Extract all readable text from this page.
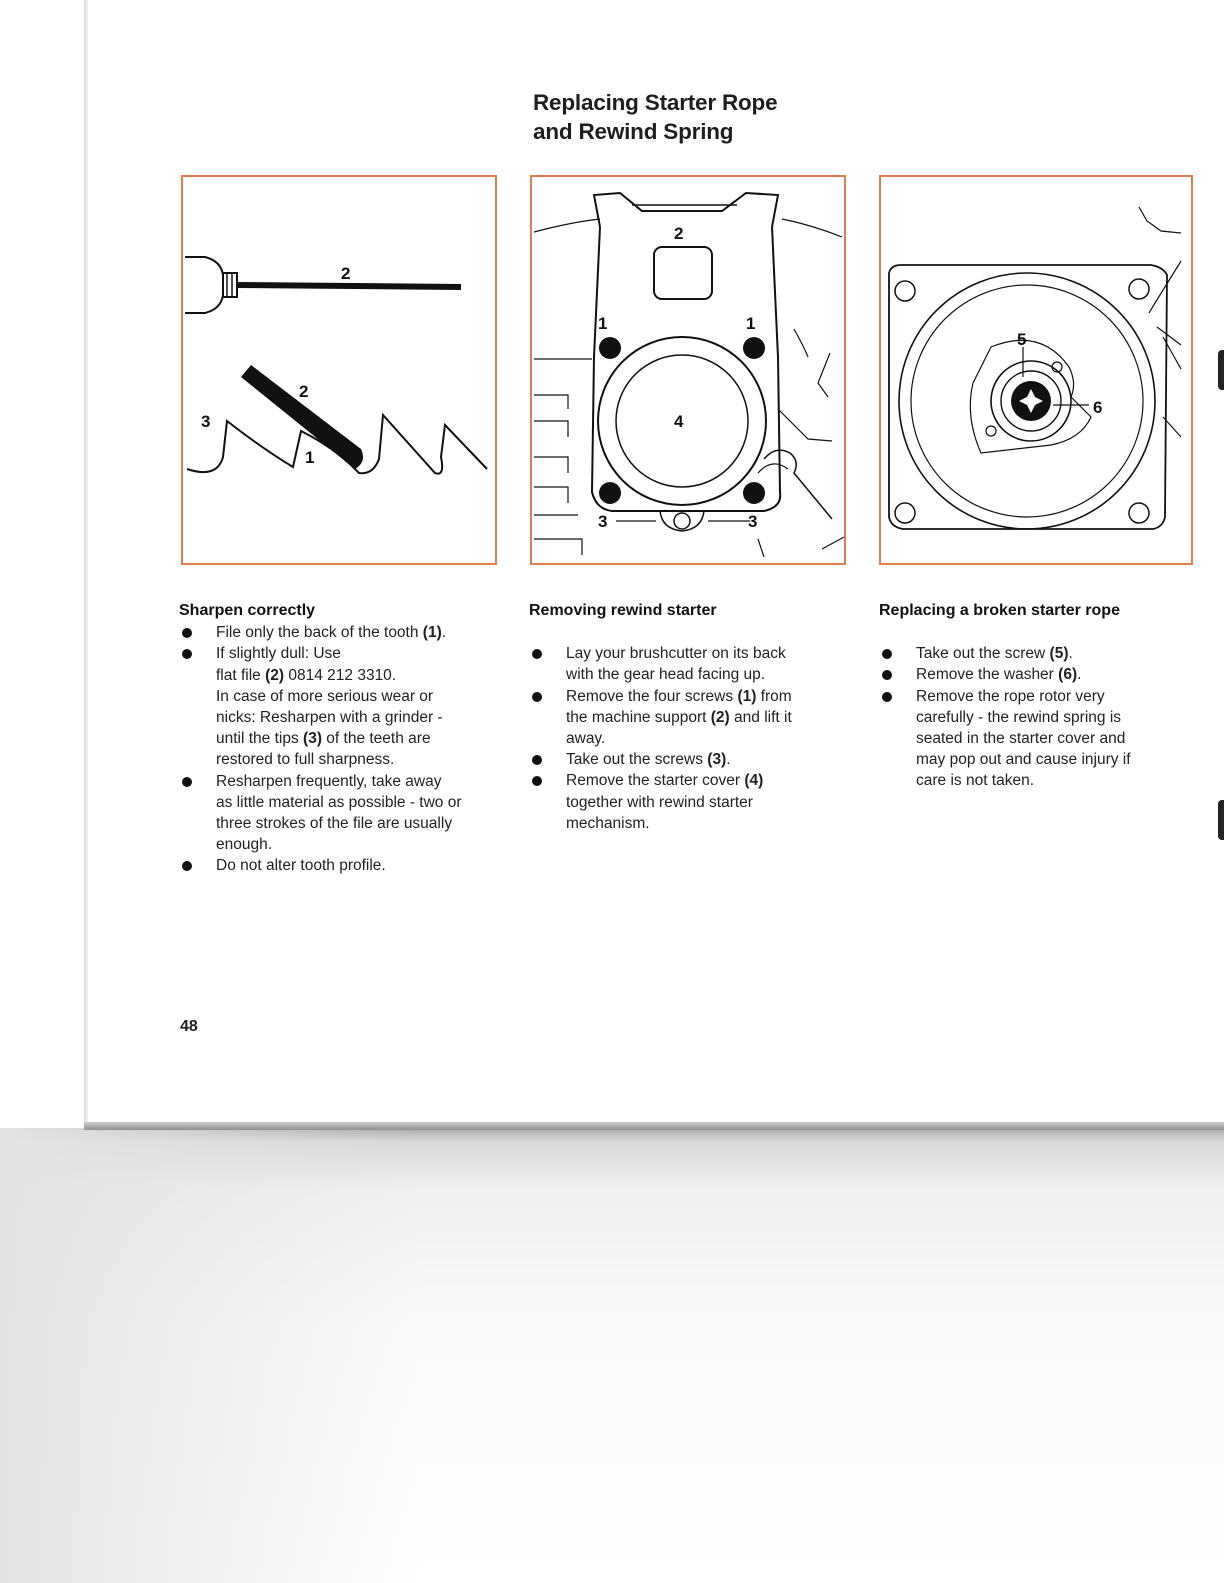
Replacing Starter Rope
and Rewind Spring
2
2
3
1
2
1	1
4
3	3
5
6
Sharpen correctly
File only the back of the tooth (1).
If slightly dull: Use
flat file (2) 0814 212 3310.
In case of more serious wear or
nicks: Resharpen with a grinder -
until the tips (3) of the teeth are
restored to full sharpness.
Resharpen frequently, take away
as little material as possible - two or
three strokes of the file are usually
enough.
Do not alter tooth profile.
Removing rewind starter
Lay your brushcutter on its back
with the gear head facing up.
Remove the four screws (1) from
the machine support (2) and lift it
away.
Take out the screws (3).
Remove the starter cover (4)
together with rewind starter
mechanism.
Replacing a broken starter rope
Take out the screw (5).
Remove the washer (6).
Remove the rope rotor very
carefully - the rewind spring is
seated in the starter cover and
may pop out and cause injury if
care is not taken.
48
